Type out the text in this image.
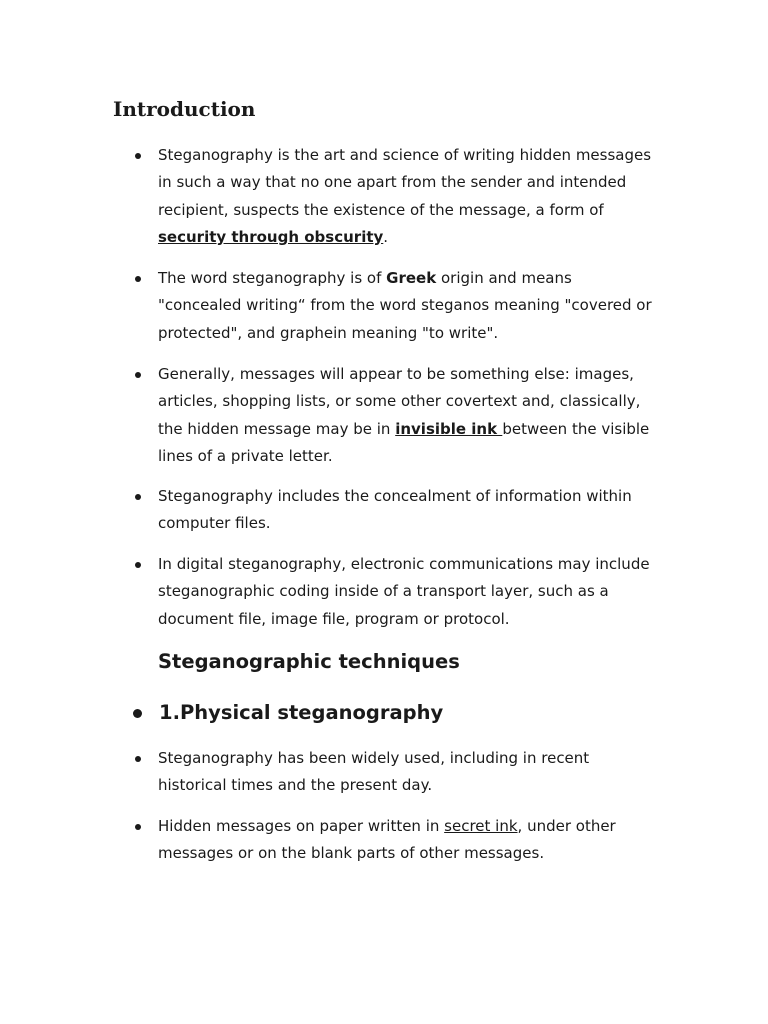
Introduction

Steganography is the art and science of writing hidden messages
in such a way that no one apart from the sender and intended
recipient, suspects the existence of the message, a form of
security through obscurity.

The word steganography is of Greek origin and means
"concealed writing“ from the word steganos meaning "covered or
protected", and graphein meaning "to write".

Generally, messages will appear to be something else: images,
articles, shopping lists, or some other covertext and, classically,
the hidden message may be in invisible ink between the visible
lines of a private letter.

Steganography includes the concealment of information within
computer files.

In digital steganography, electronic communications may include
steganographic coding inside of a transport layer, such as a
document file, image file, program or protocol.

Steganographic techniques
1.Physical steganography

Steganography has been widely used, including in recent
historical times and the present day.

Hidden messages on paper written in secret ink, under other
messages or on the blank parts of other messages.
